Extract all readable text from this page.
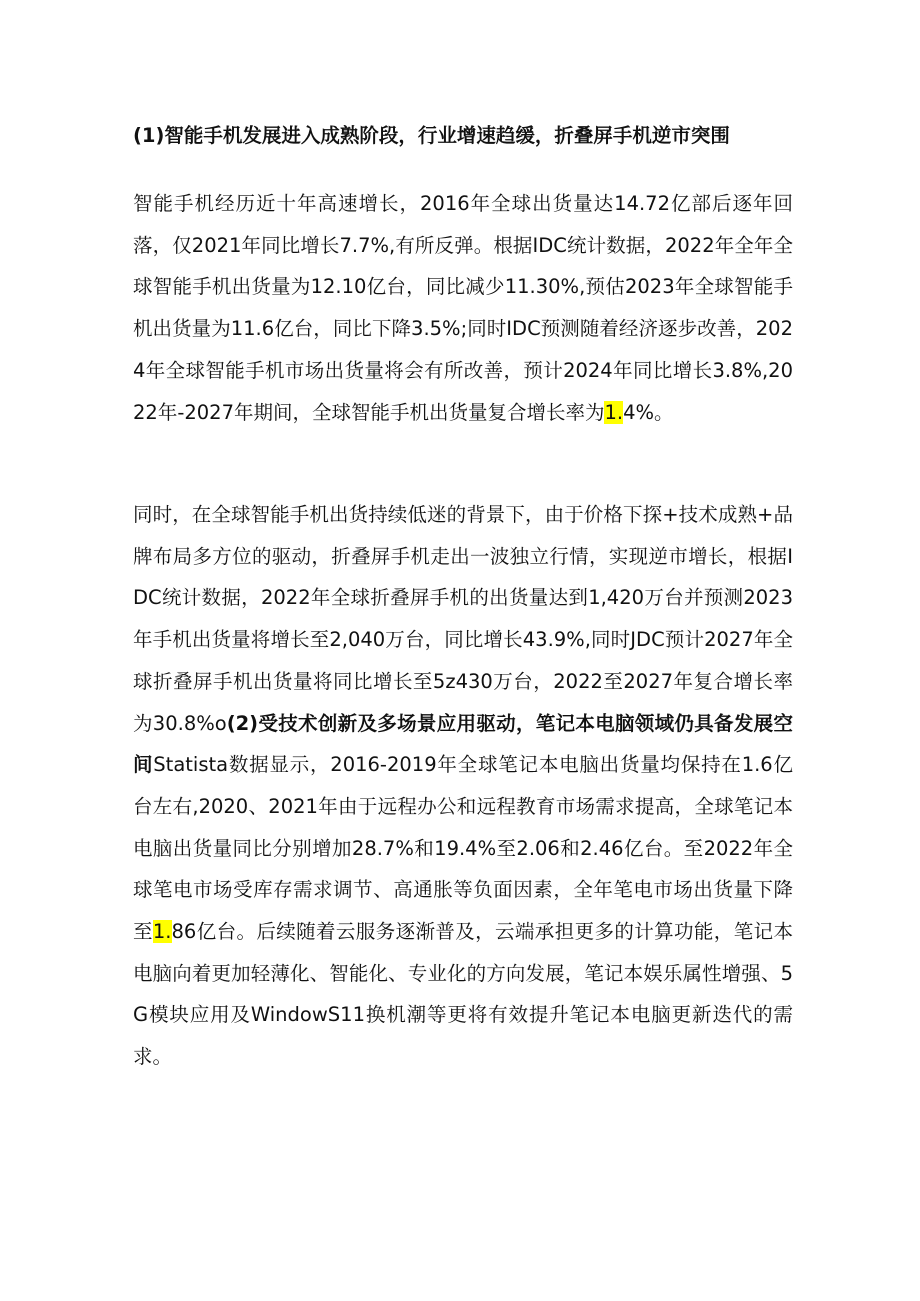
(1)智能手机发展进入成熟阶段，行业增速趋缓，折叠屏手机逆市突围

智能手机经历近十年高速增长，2016年全球出货量达14.72亿部后逐年回落，仅2021年同比增长7.7%,有所反弹。根据IDC统计数据，2022年全年全球智能手机出货量为12.10亿台，同比减少11.30%,预估2023年全球智能手机出货量为11.6亿台，同比下降3.5%;同时IDC预测随着经济逐步改善，2024年全球智能手机市场出货量将会有所改善，预计2024年同比增长3.8%,2022年-2027年期间，全球智能手机出货量复合增长率为1.4%。

同时，在全球智能手机出货持续低迷的背景下，由于价格下探+技术成熟+品牌布局多方位的驱动，折叠屏手机走出一波独立行情，实现逆市增长，根据IDC统计数据，2022年全球折叠屏手机的出货量达到1,420万台并预测2023年手机出货量将增长至2,040万台，同比增长43.9%,同时JDC预计2027年全球折叠屏手机出货量将同比增长至5z430万台，2022至2027年复合增长率为30.8%o(2)受技术创新及多场景应用驱动，笔记本电脑领域仍具备发展空间Statista数据显示，2016-2019年全球笔记本电脑出货量均保持在1.6亿台左右,2020、2021年由于远程办公和远程教育市场需求提高，全球笔记本电脑出货量同比分别增加28.7%和19.4%至2.06和2.46亿台。至2022年全球笔电市场受库存需求调节、高通胀等负面因素，全年笔电市场出货量下降至1.86亿台。后续随着云服务逐渐普及，云端承担更多的计算功能，笔记本电脑向着更加轻薄化、智能化、专业化的方向发展，笔记本娱乐属性增强、5G模块应用及WindowS11换机潮等更将有效提升笔记本电脑更新迭代的需求。
